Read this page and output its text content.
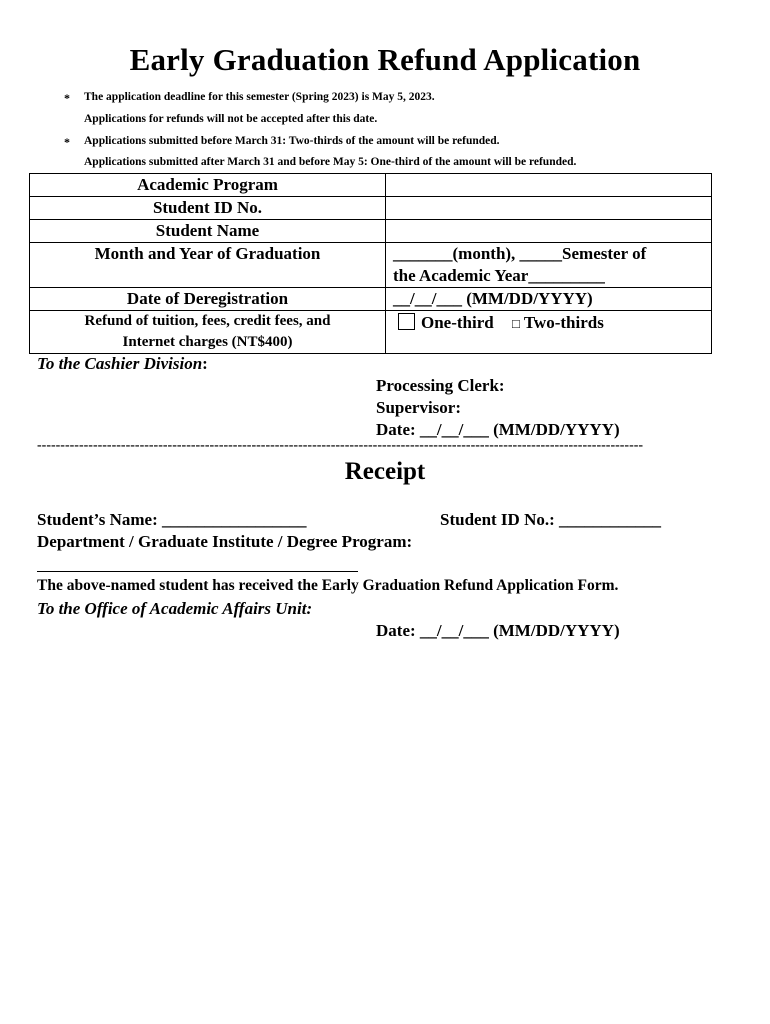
Early Graduation Refund Application
* The application deadline for this semester (Spring 2023) is May 5, 2023.
Applications for refunds will not be accepted after this date.
* Applications submitted before March 31: Two-thirds of the amount will be refunded.
Applications submitted after March 31 and before May 5: One-third of the amount will be refunded.
Academic Program	
Student ID No.	
Student Name	
Month and Year of Graduation	_______(month), _____Semester of
the Academic Year_________

Date of Deregistration	__/__/___ (MM/DD/YYYY)

Refund of tuition, fees, credit fees, and
Internet charges (NT$400)	One-third □ Two-thirds
To the Cashier Division:
Processing Clerk:
Supervisor:
Date: __/__/___ (MM/DD/YYYY)
----------------------------------------------------------------------------------------------------------------------------------
Receipt
Student’s Name: _________________	Student ID No.: ____________
Department / Graduate Institute / Degree Program:
The above-named student has received the Early Graduation Refund Application Form.
To the Office of Academic Affairs Unit:
Date: __/__/___ (MM/DD/YYYY)
